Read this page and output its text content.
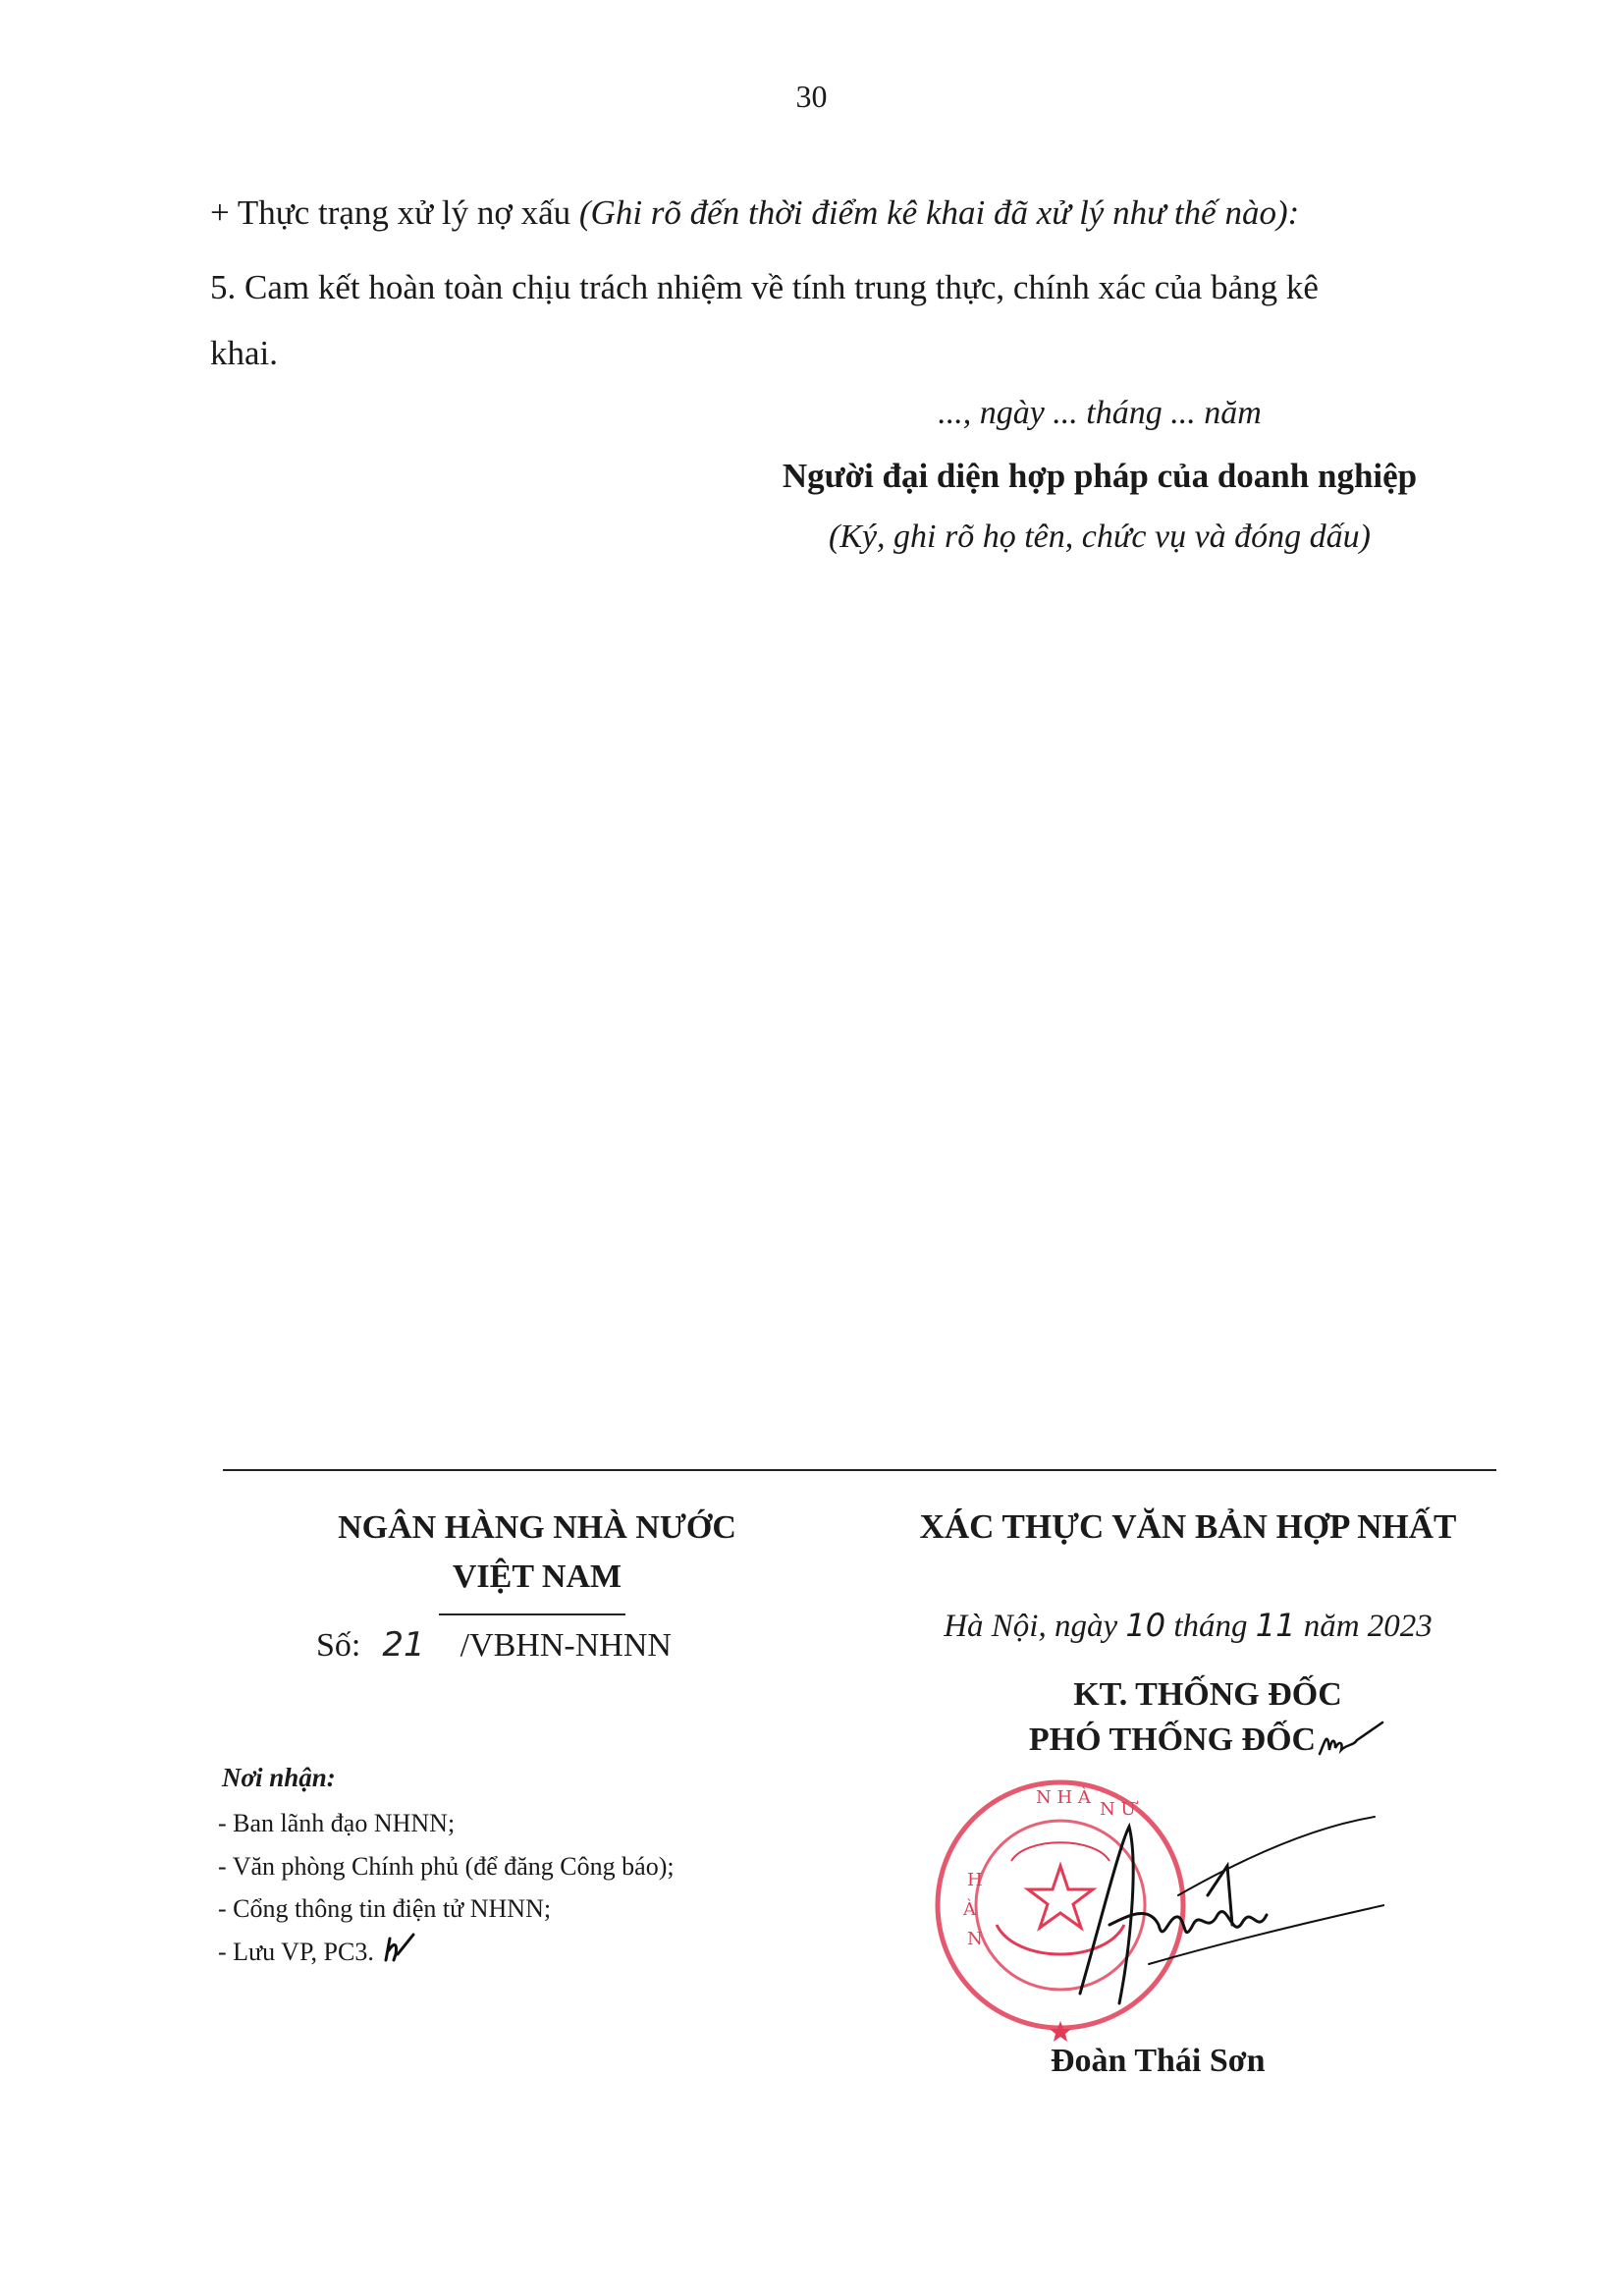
30
+ Thực trạng xử lý nợ xấu (Ghi rõ đến thời điểm kê khai đã xử lý như thế nào):
5. Cam kết hoàn toàn chịu trách nhiệm về tính trung thực, chính xác của bảng kê
khai.
..., ngày ... tháng ... năm
Người đại diện hợp pháp của doanh nghiệp
(Ký, ghi rõ họ tên, chức vụ và đóng dấu)
NGÂN HÀNG NHÀ NƯỚC
VIỆT NAM
Số: 21 /VBHN-NHNN
Nơi nhận:
- Ban lãnh đạo NHNN;
- Văn phòng Chính phủ (để đăng Công báo);
- Cổng thông tin điện tử NHNN;
- Lưu VP, PC3.
XÁC THỰC VĂN BẢN HỢP NHẤT
Hà Nội, ngày 10 tháng 11 năm 2023
KT. THỐNG ĐỐC
PHÓ THỐNG ĐỐC
H
À
N
N H À
N Ư
Đoàn Thái Sơn
